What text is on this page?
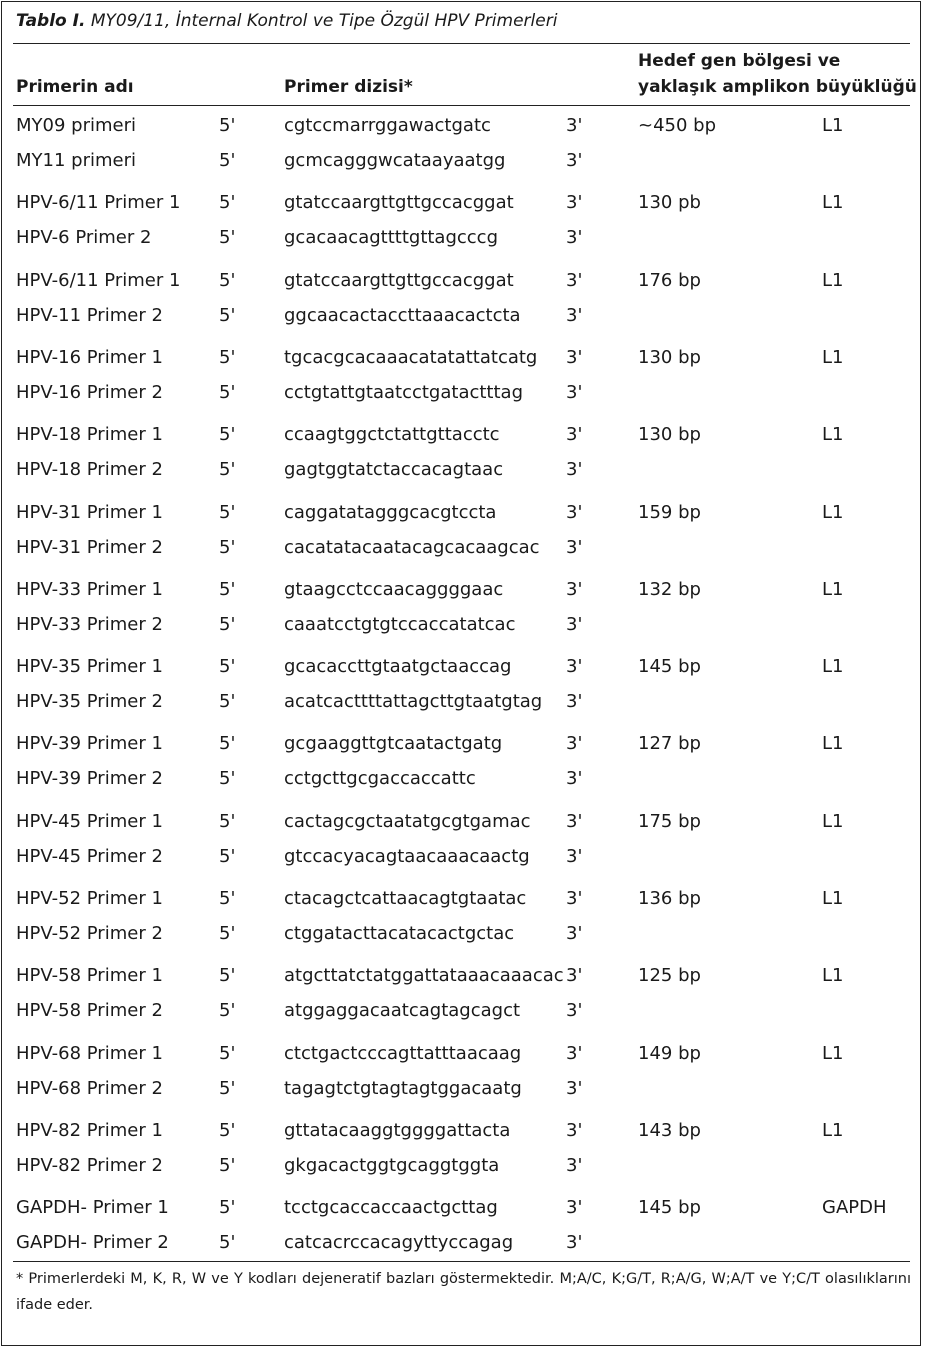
Tablo I. MY09/11, İnternal Kontrol ve Tipe Özgül HPV Primerleri
Primerin adı	Primer dizisi*
Hedef gen bölgesi ve
yaklaşık amplikon büyüklüğü
MY09 primeri	5'	cgtccmarrggawactgatc	3'	~450 bp	L1
MY11 primeri	5'	gcmcagggwcataayaatgg	3'
HPV-6/11 Primer 1 5'	gtatccaargttgttgccacggat	3'	130 pb	L1
HPV-6 Primer 2	5'	gcacaacagttttgttagcccg	3'
HPV-6/11 Primer 1 5'	gtatccaargttgttgccacggat	3'	176 bp	L1
HPV-11 Primer 2	5'	ggcaacactaccttaaacactcta	3'
HPV-16 Primer 1	5'	tgcacgcacaaacatatattatcatg 3'	130 bp	L1
HPV-16 Primer 2	5'	cctgtattgtaatcctgatactttag 3'
HPV-18 Primer 1	5'	ccaagtggctctattgttacctc	3'	130 bp	L1
HPV-18 Primer 2	5'	gagtggtatctaccacagtaac	3'
HPV-31 Primer 1	5'	caggatatagggcacgtccta	3'	159 bp	L1
HPV-31 Primer 2	5'	cacatatacaatacagcacaagcac 3'
HPV-33 Primer 1	5'	gtaagcctccaacaggggaac	3'	132 bp	L1
HPV-33 Primer 2	5'	caaatcctgtgtccaccatatcac	3'
HPV-35 Primer 1	5'	gcacaccttgtaatgctaaccag	3'	145 bp	L1
HPV-35 Primer 2	5'	acatcacttttattagcttgtaatgtag 3'
HPV-39 Primer 1	5'	gcgaaggttgtcaatactgatg	3'	127 bp	L1
HPV-39 Primer 2	5'	cctgcttgcgaccaccattc	3'
HPV-45 Primer 1	5'	cactagcgctaatatgcgtgamac 3'	175 bp	L1
HPV-45 Primer 2	5'	gtccacyacagtaacaaacaactg 3'
HPV-52 Primer 1	5'	ctacagctcattaacagtgtaatac 3'	136 bp	L1
HPV-52 Primer 2	5'	ctggatacttacatacactgctac	3'
HPV-58 Primer 1	5'	atgcttatctatggattataaacaaacac 3'	125 bp	L1
HPV-58 Primer 2	5'	atggaggacaatcagtagcagct	3'
HPV-68 Primer 1	5'	ctctgactcccagttatttaacaag 3'	149 bp	L1
HPV-68 Primer 2	5'	tagagtctgtagtagtggacaatg 3'
HPV-82 Primer 1	5'	gttatacaaggtggggattacta	3'	143 bp	L1
HPV-82 Primer 2	5'	gkgacactggtgcaggtggta	3'
GAPDH- Primer 1	5'	tcctgcaccaccaactgcttag	3'	145 bp	GAPDH
GAPDH- Primer 2	5'	catcacrccacagyttyccagag	3'
* Primerlerdeki M, K, R, W ve Y kodları dejeneratif bazları göstermektedir. M;A/C, K;G/T, R;A/G, W;A/T ve Y;C/T olasılıklarını ifade eder.
